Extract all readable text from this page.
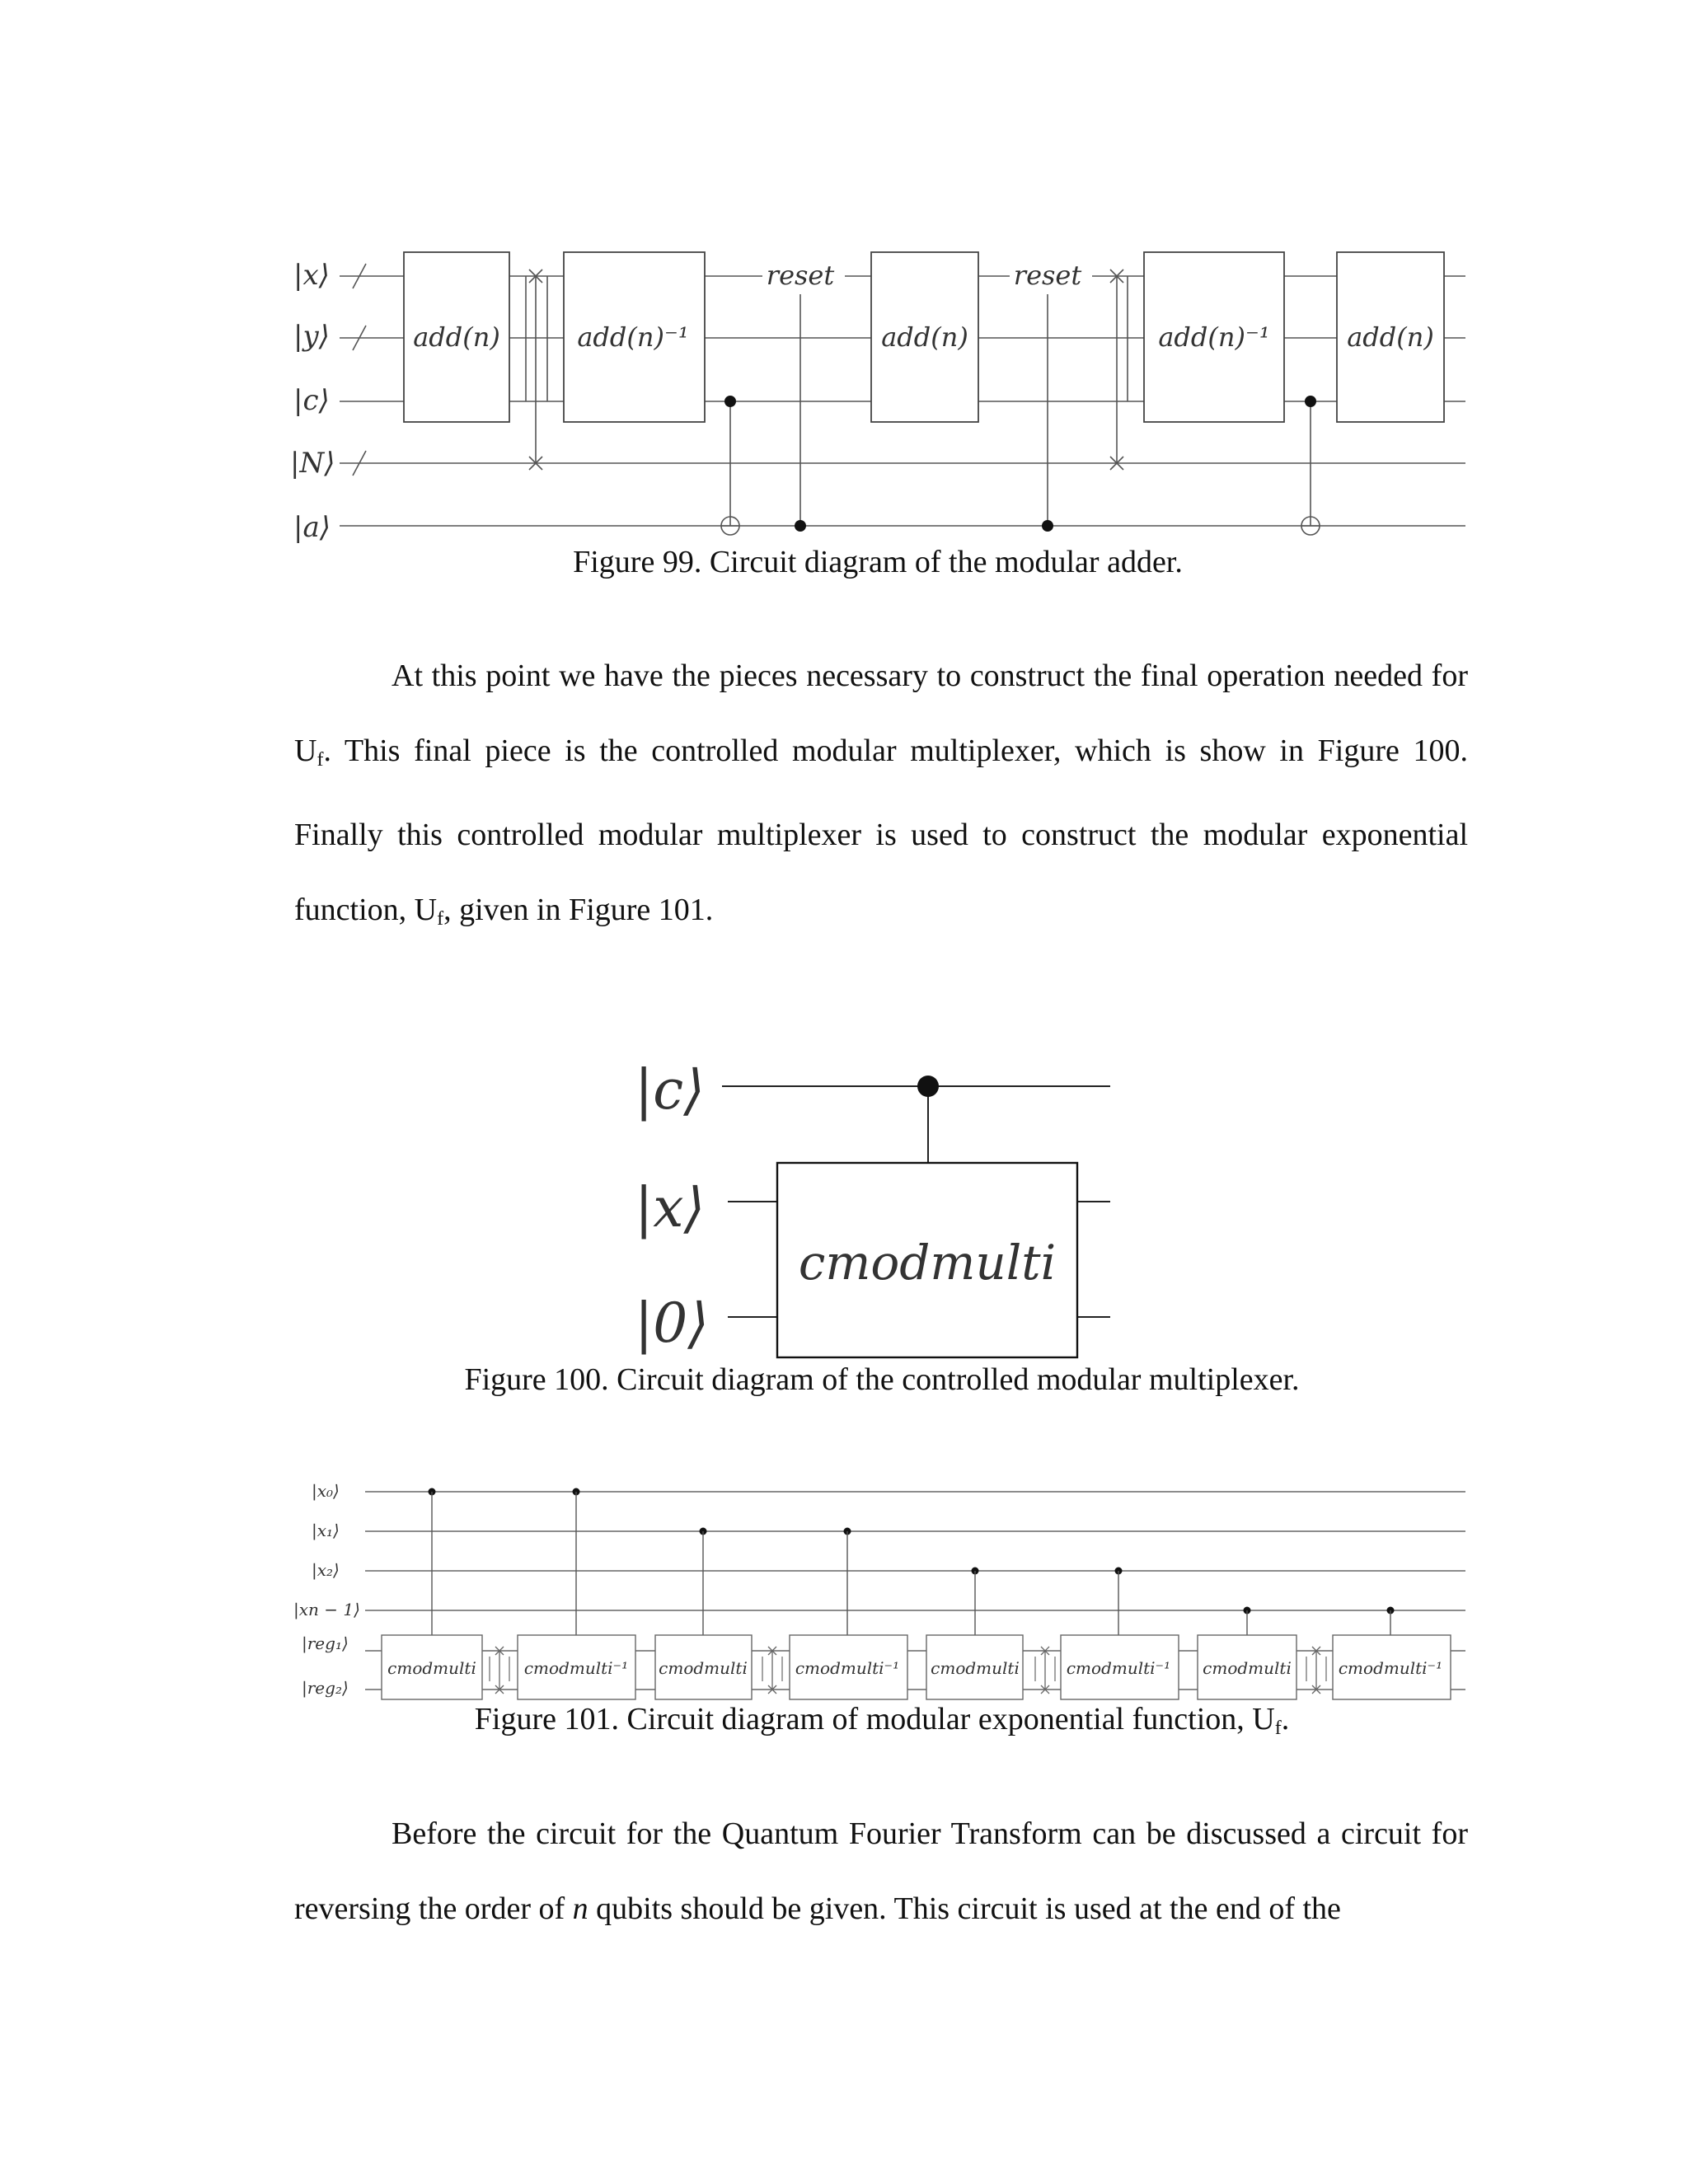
|x⟩
|y⟩
|c⟩
|N⟩
|a⟩
add(n)	add(n)⁻¹
reset
add(n)
reset
add(n)⁻¹	add(n)
Figure 99. Circuit diagram of the modular adder.

At this point we have the pieces necessary to construct the final operation needed for $U_f$. This final piece is the controlled modular multiplexer, which is show in Figure 100. Finally this controlled modular multiplexer is used to construct the modular exponential function, $U_f$, given in Figure 101.

|c⟩
|x⟩
|0⟩
cmodmulti
Figure 100. Circuit diagram of the controlled modular multiplexer.
|x₀⟩
|x₁⟩
|x₂⟩
|xn − 1⟩
|reg₁⟩
|reg₂⟩
cmodmulti	cmodmulti⁻¹ cmodmulti	cmodmulti⁻¹ cmodmulti	cmodmulti⁻¹ cmodmulti	cmodmulti⁻¹
Figure 101. Circuit diagram of modular exponential function, $U_f$.

Before the circuit for the Quantum Fourier Transform can be discussed a circuit for reversing the order of n qubits should be given. This circuit is used at the end of the
